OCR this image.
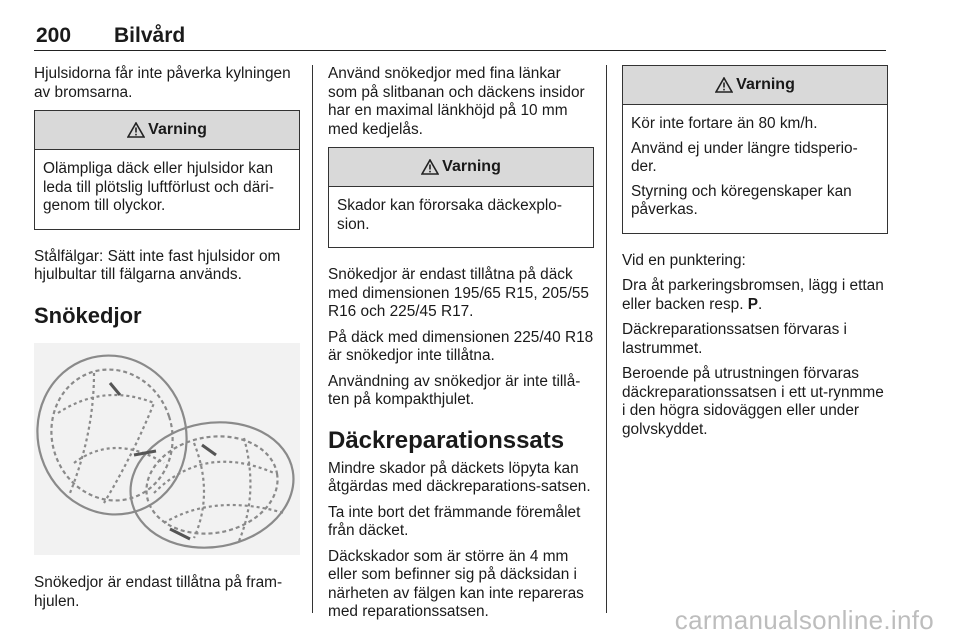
200 Bilvård

Hjulsidorna får inte påverka kylningen av bromsarna.

Varning

Olämpliga däck eller hjulsidor kan leda till plötslig luftförlust och däri-genom till olyckor.

Stålfälgar: Sätt inte fast hjulsidor om hjulbultar till fälgarna används.

Snökedjor

Snökedjor är endast tillåtna på fram-hjulen.

Använd snökedjor med fina länkar som på slitbanan och däckens insidor har en maximal länkhöjd på 10 mm med kedjelås.

Varning

Skador kan förorsaka däckexplo-sion.

Snökedjor är endast tillåtna på däck med dimensionen 195/65 R15, 205/55 R16 och 225/45 R17.

På däck med dimensionen 225/40 R18 är snökedjor inte tillåtna.

Användning av snökedjor är inte tillå-ten på kompakthjulet.

Däckreparationssats

Mindre skador på däckets löpyta kan åtgärdas med däckreparations-satsen.

Ta inte bort det främmande föremålet från däcket.

Däckskador som är större än 4 mm eller som befinner sig på däcksidan i närheten av fälgen kan inte repareras med reparationssatsen.

Varning

Kör inte fortare än 80 km/h.

Använd ej under längre tidsperio-der.

Styrning och köregenskaper kan påverkas.

Vid en punktering:

Dra åt parkeringsbromsen, lägg i ettan eller backen resp. P.

Däckreparationssatsen förvaras i lastrummet.

Beroende på utrustningen förvaras däckreparationssatsen i ett ut-rynmme i den högra sidoväggen eller under golvskyddet.

carmanualsonline.info
